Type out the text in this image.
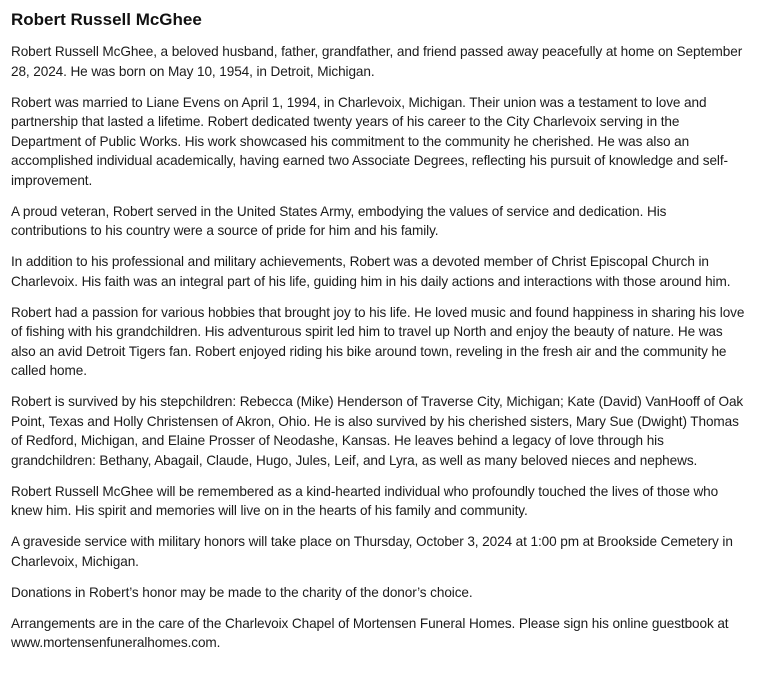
Robert Russell McGhee

Robert Russell McGhee, a beloved husband, father, grandfather, and friend passed away peacefully at home on September 28, 2024. He was born on May 10, 1954, in Detroit, Michigan.

Robert was married to Liane Evens on April 1, 1994, in Charlevoix, Michigan. Their union was a testament to love and partnership that lasted a lifetime. Robert dedicated twenty years of his career to the City Charlevoix serving in the Department of Public Works. His work showcased his commitment to the community he cherished. He was also an accomplished individual academically, having earned two Associate Degrees, reflecting his pursuit of knowledge and self-improvement.

A proud veteran, Robert served in the United States Army, embodying the values of service and dedication. His contributions to his country were a source of pride for him and his family.

In addition to his professional and military achievements, Robert was a devoted member of Christ Episcopal Church in Charlevoix. His faith was an integral part of his life, guiding him in his daily actions and interactions with those around him.

Robert had a passion for various hobbies that brought joy to his life. He loved music and found happiness in sharing his love of fishing with his grandchildren. His adventurous spirit led him to travel up North and enjoy the beauty of nature. He was also an avid Detroit Tigers fan. Robert enjoyed riding his bike around town, reveling in the fresh air and the community he called home.

Robert is survived by his stepchildren: Rebecca (Mike) Henderson of Traverse City, Michigan; Kate (David) VanHooff of Oak Point, Texas and Holly Christensen of Akron, Ohio. He is also survived by his cherished sisters, Mary Sue (Dwight) Thomas of Redford, Michigan, and Elaine Prosser of Neodashe, Kansas. He leaves behind a legacy of love through his grandchildren: Bethany, Abagail, Claude, Hugo, Jules, Leif, and Lyra, as well as many beloved nieces and nephews.

Robert Russell McGhee will be remembered as a kind-hearted individual who profoundly touched the lives of those who knew him. His spirit and memories will live on in the hearts of his family and community.

A graveside service with military honors will take place on Thursday, October 3, 2024 at 1:00 pm at Brookside Cemetery in Charlevoix, Michigan.

Donations in Robert’s honor may be made to the charity of the donor’s choice.

Arrangements are in the care of the Charlevoix Chapel of Mortensen Funeral Homes. Please sign his online guestbook at www.mortensenfuneralhomes.com.
